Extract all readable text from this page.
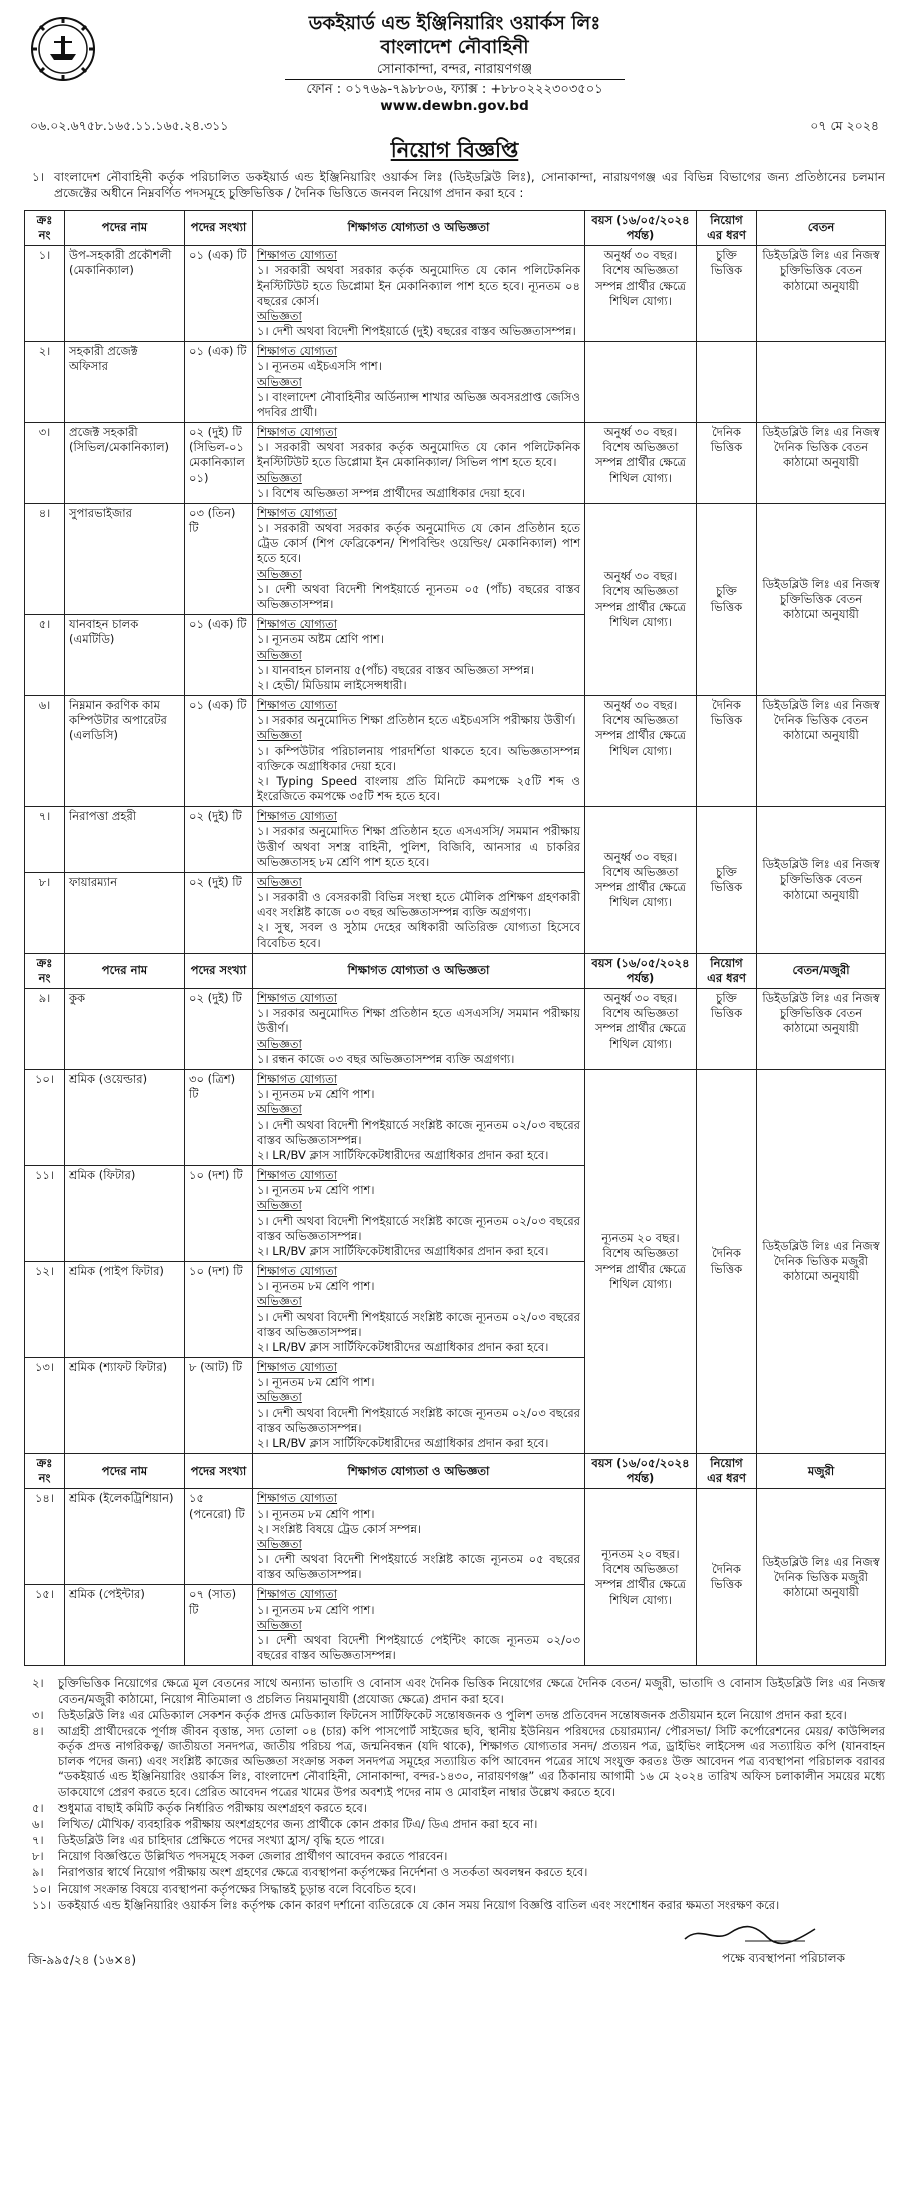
ডকইয়ার্ড এন্ড ইঞ্জিনিয়ারিং ওয়ার্কস লিঃ
বাংলাদেশ নৌবাহিনী
সোনাকান্দা, বন্দর, নারায়ণগঞ্জ
ফোন : ০১৭৬৯-৭৯৮৮০৬, ফ্যাক্স : +৮৮০২২২৩০৩৫০১
www.dewbn.gov.bd
০৬.০২.৬৭৫৮.১৬৫.১১.১৬৫.২৪.৩১১	০৭ মে ২০২৪
নিয়োগ বিজ্ঞপ্তি
১। বাংলাদেশ নৌবাহিনী কর্তৃক পরিচালিত ডকইয়ার্ড এন্ড ইঞ্জিনিয়ারিং ওয়ার্কস লিঃ (ডিইডব্লিউ লিঃ), সোনাকান্দা, নারায়ণগঞ্জ এর বিভিন্ন বিভাগের জন্য প্রতিষ্ঠানের চলমান প্রজেক্টের অধীনে নিম্নবর্ণিত পদসমূহে চুক্তিভিত্তিক / দৈনিক ভিত্তিতে জনবল নিয়োগ প্রদান করা হবে :
ক্রঃ নং	পদের নাম	পদের সংখ্যা	শিক্ষাগত যোগ্যতা ও অভিজ্ঞতা	বয়স (১৬/০৫/২০২৪ পর্যন্ত)	নিয়োগ এর ধরণ	বেতন
১।	উপ-সহকারী প্রকৌশলী (মেকানিক্যাল)	০১ (এক) টি	শিক্ষাগত যোগ্যতা
১। সরকারী অথবা সরকার কর্তৃক অনুমোদিত যে কোন পলিটেকনিক ইনস্টিটিউট হতে ডিপ্লোমা ইন মেকানিক্যাল পাশ হতে হবে। ন্যূনতম ০৪ বছরের কোর্স।
অভিজ্ঞতা
১। দেশী অথবা বিদেশী শিপইয়ার্ডে (দুই) বছরের বাস্তব অভিজ্ঞতাসম্পন্ন।	অনুর্ধ্ব ৩০ বছর। বিশেষ অভিজ্ঞতা সম্পন্ন প্রার্থীর ক্ষেত্রে শিথিল যোগ্য।	চুক্তি ভিত্তিক	ডিইডব্লিউ লিঃ এর নিজস্ব চুক্তিভিত্তিক বেতন কাঠামো অনুযায়ী
২।	সহকারী প্রজেক্ট অফিসার	০১ (এক) টি	শিক্ষাগত যোগ্যতা
১। ন্যূনতম এইচএসসি পাশ।
অভিজ্ঞতা
১। বাংলাদেশ নৌবাহিনীর অর্ডিন্যান্স শাখার অভিজ্ঞ অবসরপ্রাপ্ত জেসিও পদবির প্রার্থী।			

৩।	প্রজেক্ট সহকারী (সিভিল/মেকানিক্যাল)	০২ (দুই) টি (সিভিল-০১ মেকানিক্যাল ০১)	শিক্ষাগত যোগ্যতা
১। সরকারী অথবা সরকার কর্তৃক অনুমোদিত যে কোন পলিটেকনিক ইনস্টিটিউট হতে ডিপ্লোমা ইন মেকানিক্যাল/ সিভিল পাশ হতে হবে।
অভিজ্ঞতা
১। বিশেষ অভিজ্ঞতা সম্পন্ন প্রার্থীদের অগ্রাধিকার দেয়া হবে।	অনুর্ধ্ব ৩০ বছর। বিশেষ অভিজ্ঞতা সম্পন্ন প্রার্থীর ক্ষেত্রে শিথিল যোগ্য।	দৈনিক ভিত্তিক	ডিইডব্লিউ লিঃ এর নিজস্ব দৈনিক ভিত্তিক বেতন কাঠামো অনুযায়ী
৪।	সুপারভাইজার	০৩ (তিন) টি	শিক্ষাগত যোগ্যতা
১। সরকারী অথবা সরকার কর্তৃক অনুমোদিত যে কোন প্রতিষ্ঠান হতে ট্রেড কোর্স (শিপ ফেব্রিকেশন/ শিপবিল্ডিং ওয়েল্ডিং/ মেকানিক্যাল) পাশ হতে হবে।
অভিজ্ঞতা
১। দেশী অথবা বিদেশী শিপইয়ার্ডে ন্যূনতম ০৫ (পাঁচ) বছরের বাস্তব অভিজ্ঞতাসম্পন্ন।	অনুর্ধ্ব ৩০ বছর। বিশেষ অভিজ্ঞতা সম্পন্ন প্রার্থীর ক্ষেত্রে শিথিল যোগ্য।	চুক্তি ভিত্তিক	ডিইডব্লিউ লিঃ এর নিজস্ব চুক্তিভিত্তিক বেতন কাঠামো অনুযায়ী
৫।	যানবাহন চালক (এমটিডি)	০১ (এক) টি	শিক্ষাগত যোগ্যতা
১। ন্যূনতম অষ্টম শ্রেণি পাশ।
অভিজ্ঞতা
১। যানবাহন চালনায় ৫(পাঁচ) বছরের বাস্তব অভিজ্ঞতা সম্পন্ন।
২। হেভী/ মিডিয়াম লাইসেন্সধারী।			

৬।	নিম্নমান করণিক কাম কম্পিউটার অপারেটর (এলডিসি)	০১ (এক) টি	শিক্ষাগত যোগ্যতা
১। সরকার অনুমোদিত শিক্ষা প্রতিষ্ঠান হতে এইচএসসি পরীক্ষায় উত্তীর্ণ।
অভিজ্ঞতা
১। কম্পিউটার পরিচালনায় পারদর্শিতা থাকতে হবে। অভিজ্ঞতাসম্পন্ন ব্যক্তিকে অগ্রাধিকার দেয়া হবে।
২। Typing Speed বাংলায় প্রতি মিনিটে কমপক্ষে ২৫টি শব্দ ও ইংরেজিতে কমপক্ষে ৩৫টি শব্দ হতে হবে।	অনুর্ধ্ব ৩০ বছর। বিশেষ অভিজ্ঞতা সম্পন্ন প্রার্থীর ক্ষেত্রে শিথিল যোগ্য।	দৈনিক ভিত্তিক	ডিইডব্লিউ লিঃ এর নিজস্ব দৈনিক ভিত্তিক বেতন কাঠামো অনুযায়ী
৭।	নিরাপত্তা প্রহরী	০২ (দুই) টি	শিক্ষাগত যোগ্যতা
১। সরকার অনুমোদিত শিক্ষা প্রতিষ্ঠান হতে এসএসসি/ সমমান পরীক্ষায় উত্তীর্ণ অথবা সশস্ত্র বাহিনী, পুলিশ, বিজিবি, আনসার এ চাকরির অভিজ্ঞতাসহ ৮ম শ্রেণি পাশ হতে হবে।	অনুর্ধ্ব ৩০ বছর। বিশেষ অভিজ্ঞতা সম্পন্ন প্রার্থীর ক্ষেত্রে শিথিল যোগ্য।	চুক্তি ভিত্তিক	ডিইডব্লিউ লিঃ এর নিজস্ব চুক্তিভিত্তিক বেতন কাঠামো অনুযায়ী
৮।	ফায়ারম্যান	০২ (দুই) টি	অভিজ্ঞতা
১। সরকারী ও বেসরকারী বিভিন্ন সংস্থা হতে মৌলিক প্রশিক্ষণ গ্রহণকারী এবং সংশ্লিষ্ট কাজে ০৩ বছর অভিজ্ঞতাসম্পন্ন ব্যক্তি অগ্রগণ্য।
২। সুস্থ, সবল ও সুঠাম দেহের অধিকারী অতিরিক্ত যোগ্যতা হিসেবে বিবেচিত হবে।			

ক্রঃ নং	পদের নাম	পদের সংখ্যা	শিক্ষাগত যোগ্যতা ও অভিজ্ঞতা	বয়স (১৬/০৫/২০২৪ পর্যন্ত)	নিয়োগ এর ধরণ	বেতন/মজুরী
৯।	কুক	০২ (দুই) টি	শিক্ষাগত যোগ্যতা
১। সরকার অনুমোদিত শিক্ষা প্রতিষ্ঠান হতে এসএসসি/ সমমান পরীক্ষায় উত্তীর্ণ।
অভিজ্ঞতা
১। রন্ধন কাজে ০৩ বছর অভিজ্ঞতাসম্পন্ন ব্যক্তি অগ্রগণ্য।	অনুর্ধ্ব ৩০ বছর। বিশেষ অভিজ্ঞতা সম্পন্ন প্রার্থীর ক্ষেত্রে শিথিল যোগ্য।	চুক্তি ভিত্তিক	ডিইডব্লিউ লিঃ এর নিজস্ব চুক্তিভিত্তিক বেতন কাঠামো অনুযায়ী
১০।	শ্রমিক (ওয়েল্ডার)	৩০ (ত্রিশ) টি	শিক্ষাগত যোগ্যতা
১। ন্যূনতম ৮ম শ্রেণি পাশ।
অভিজ্ঞতা
১। দেশী অথবা বিদেশী শিপইয়ার্ডে সংশ্লিষ্ট কাজে ন্যূনতম ০২/০৩ বছরের বাস্তব অভিজ্ঞতাসম্পন্ন।
২। LR/BV ক্লাস সার্টিফিকেটধারীদের অগ্রাধিকার প্রদান করা হবে।	ন্যূনতম ২০ বছর। বিশেষ অভিজ্ঞতা সম্পন্ন প্রার্থীর ক্ষেত্রে শিথিল যোগ্য।	দৈনিক ভিত্তিক	ডিইডব্লিউ লিঃ এর নিজস্ব দৈনিক ভিত্তিক মজুরী কাঠামো অনুযায়ী
১১।	শ্রমিক (ফিটার)	১০ (দশ) টি	শিক্ষাগত যোগ্যতা
১। ন্যূনতম ৮ম শ্রেণি পাশ।
অভিজ্ঞতা
১। দেশী অথবা বিদেশী শিপইয়ার্ডে সংশ্লিষ্ট কাজে ন্যূনতম ০২/০৩ বছরের বাস্তব অভিজ্ঞতাসম্পন্ন।
২। LR/BV ক্লাস সার্টিফিকেটধারীদের অগ্রাধিকার প্রদান করা হবে।			

১২।	শ্রমিক (পাইপ ফিটার)	১০ (দশ) টি	শিক্ষাগত যোগ্যতা
১। ন্যূনতম ৮ম শ্রেণি পাশ।
অভিজ্ঞতা
১। দেশী অথবা বিদেশী শিপইয়ার্ডে সংশ্লিষ্ট কাজে ন্যূনতম ০২/০৩ বছরের বাস্তব অভিজ্ঞতাসম্পন্ন।
২। LR/BV ক্লাস সার্টিফিকেটধারীদের অগ্রাধিকার প্রদান করা হবে।			

১৩।	শ্রমিক (শ্যাফট ফিটার)	৮ (আট) টি	শিক্ষাগত যোগ্যতা
১। ন্যূনতম ৮ম শ্রেণি পাশ।
অভিজ্ঞতা
১। দেশী অথবা বিদেশী শিপইয়ার্ডে সংশ্লিষ্ট কাজে ন্যূনতম ০২/০৩ বছরের বাস্তব অভিজ্ঞতাসম্পন্ন।
২। LR/BV ক্লাস সার্টিফিকেটধারীদের অগ্রাধিকার প্রদান করা হবে।			

ক্রঃ নং	পদের নাম	পদের সংখ্যা	শিক্ষাগত যোগ্যতা ও অভিজ্ঞতা	বয়স (১৬/০৫/২০২৪ পর্যন্ত)	নিয়োগ এর ধরণ	মজুরী
১৪।	শ্রমিক (ইলেকট্রিশিয়ান)	১৫ (পনেরো) টি	শিক্ষাগত যোগ্যতা
১। ন্যূনতম ৮ম শ্রেণি পাশ।
২। সংশ্লিষ্ট বিষয়ে ট্রেড কোর্স সম্পন্ন।
অভিজ্ঞতা
১। দেশী অথবা বিদেশী শিপইয়ার্ডে সংশ্লিষ্ট কাজে ন্যূনতম ০৫ বছরের বাস্তব অভিজ্ঞতাসম্পন্ন।	ন্যূনতম ২০ বছর। বিশেষ অভিজ্ঞতা সম্পন্ন প্রার্থীর ক্ষেত্রে শিথিল যোগ্য।	দৈনিক ভিত্তিক	ডিইডব্লিউ লিঃ এর নিজস্ব দৈনিক ভিত্তিক মজুরী কাঠামো অনুযায়ী
১৫।	শ্রমিক (পেইন্টার)	০৭ (সাত) টি	শিক্ষাগত যোগ্যতা
১। ন্যূনতম ৮ম শ্রেণি পাশ।
অভিজ্ঞতা
১। দেশী অথবা বিদেশী শিপইয়ার্ডে পেইন্টিং কাজে ন্যূনতম ০২/০৩ বছরের বাস্তব অভিজ্ঞতাসম্পন্ন।			
২।	চুক্তিভিত্তিক নিয়োগের ক্ষেত্রে মূল বেতনের সাথে অন্যান্য ভাতাদি ও বোনাস এবং দৈনিক ভিত্তিক নিয়োগের ক্ষেত্রে দৈনিক বেতন/ মজুরী, ভাতাদি ও বোনাস ডিইডব্লিউ লিঃ এর নিজস্ব বেতন/মজুরী কাঠামো, নিয়োগ নীতিমালা ও প্রচলিত নিয়মানুযায়ী (প্রযোজ্য ক্ষেত্রে) প্রদান করা হবে।
৩।	ডিইডব্লিউ লিঃ এর মেডিক্যাল সেকশন কর্তৃক প্রদত্ত মেডিক্যাল ফিটনেস সার্টিফিকেট সন্তোষজনক ও পুলিশ তদন্ত প্রতিবেদন সন্তোষজনক প্রতীয়মান হলে নিয়োগ প্রদান করা হবে।
৪।	আগ্রহী প্রার্থীদেরকে পূর্ণাঙ্গ জীবন বৃত্তান্ত, সদ্য তোলা ০৪ (চার) কপি পাসপোর্ট সাইজের ছবি, স্থানীয় ইউনিয়ন পরিষদের চেয়ারম্যান/ পৌরসভা/ সিটি কর্পোরেশনের মেয়র/ কাউন্সিলর কর্তৃক প্রদত্ত নাগরিকত্ব/ জাতীয়তা সনদপত্র, জাতীয় পরিচয় পত্র, জন্মনিবন্ধন (যদি থাকে), শিক্ষাগত যোগ্যতার সনদ/ প্রত্যয়ন পত্র, ড্রাইভিং লাইসেন্স এর সত্যায়িত কপি (যানবাহন চালক পদের জন্য) এবং সংশ্লিষ্ট কাজের অভিজ্ঞতা সংক্রান্ত সকল সনদপত্র সমূহের সত্যায়িত কপি আবেদন পত্রের সাথে সংযুক্ত করতঃ উক্ত আবেদন পত্র ব্যবস্থাপনা পরিচালক বরাবর “ডকইয়ার্ড এন্ড ইঞ্জিনিয়ারিং ওয়ার্কস লিঃ, বাংলাদেশ নৌবাহিনী, সোনাকান্দা, বন্দর-১৪৩০, নারায়ণগঞ্জ” এর ঠিকানায় আগামী ১৬ মে ২০২৪ তারিখ অফিস চলাকালীন সময়ের মধ্যে ডাকযোগে প্রেরণ করতে হবে। প্রেরিত আবেদন পত্রের খামের উপর অবশ্যই পদের নাম ও মোবাইল নাম্বার উল্লেখ করতে হবে।
৫।	শুধুমাত্র বাছাই কমিটি কর্তৃক নির্ধারিত পরীক্ষায় অংশগ্রহণ করতে হবে।
৬।	লিখিত/ মৌখিক/ ব্যবহারিক পরীক্ষায় অংশগ্রহণের জন্য প্রার্থীকে কোন প্রকার টিএ/ ডিএ প্রদান করা হবে না।
৭।	ডিইডব্লিউ লিঃ এর চাহিদার প্রেক্ষিতে পদের সংখ্যা হ্রাস/ বৃদ্ধি হতে পারে।
৮।	নিয়োগ বিজ্ঞপ্তিতে উল্লিখিত পদসমূহে সকল জেলার প্রার্থীগণ আবেদন করতে পারবেন।
৯।	নিরাপত্তার স্বার্থে নিয়োগ পরীক্ষায় অংশ গ্রহণের ক্ষেত্রে ব্যবস্থাপনা কর্তৃপক্ষের নির্দেশনা ও সতর্কতা অবলম্বন করতে হবে।
১০। নিয়োগ সংক্রান্ত বিষয়ে ব্যবস্থাপনা কর্তৃপক্ষের সিদ্ধান্তই চূড়ান্ত বলে বিবেচিত হবে।
১১। ডকইয়ার্ড এন্ড ইঞ্জিনিয়ারিং ওয়ার্কস লিঃ কর্তৃপক্ষ কোন কারণ দর্শানো ব্যতিরেকে যে কোন সময় নিয়োগ বিজ্ঞপ্তি বাতিল এবং সংশোধন করার ক্ষমতা সংরক্ষণ করে।
পক্ষে ব্যবস্থাপনা পরিচালক
জি-৯৯৫/২৪ (১৬×৪)
